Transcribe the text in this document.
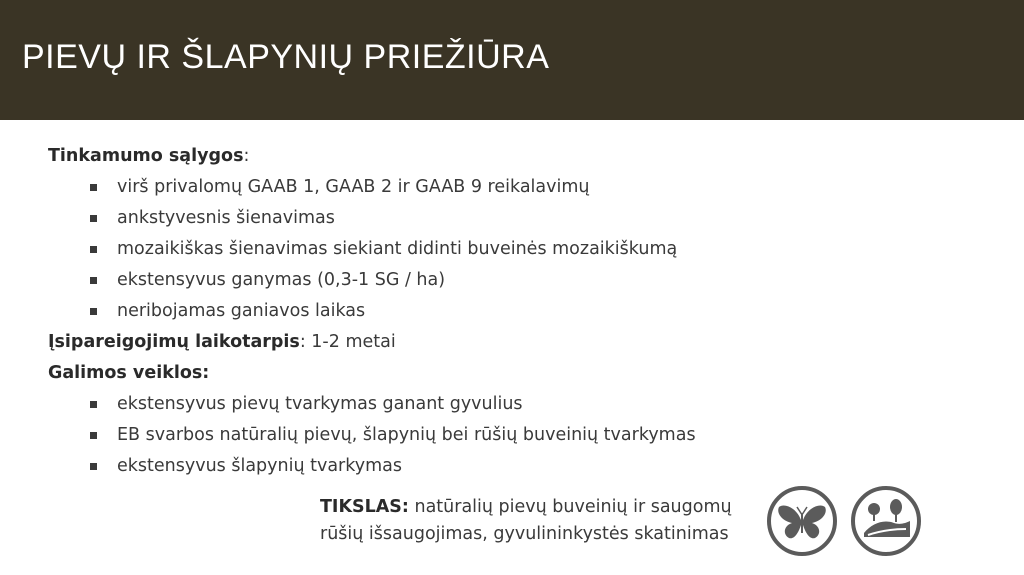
PIEVŲ IR ŠLAPYNIŲ PRIEŽIŪRA
Tinkamumo sąlygos:
virš privalomų GAAB 1, GAAB 2 ir GAAB 9 reikalavimų
ankstyvesnis šienavimas
mozaikiškas šienavimas siekiant didinti buveinės mozaikiškumą
ekstensyvus ganymas (0,3-1 SG / ha)
neribojamas ganiavos laikas
Įsipareigojimų laikotarpis: 1-2 metai
Galimos veiklos:
ekstensyvus pievų tvarkymas ganant gyvulius
EB svarbos natūralių pievų, šlapynių bei rūšių buveinių tvarkymas
ekstensyvus šlapynių tvarkymas
TIKSLAS: natūralių pievų buveinių ir saugomų
rūšių išsaugojimas, gyvulininkystės skatinimas
